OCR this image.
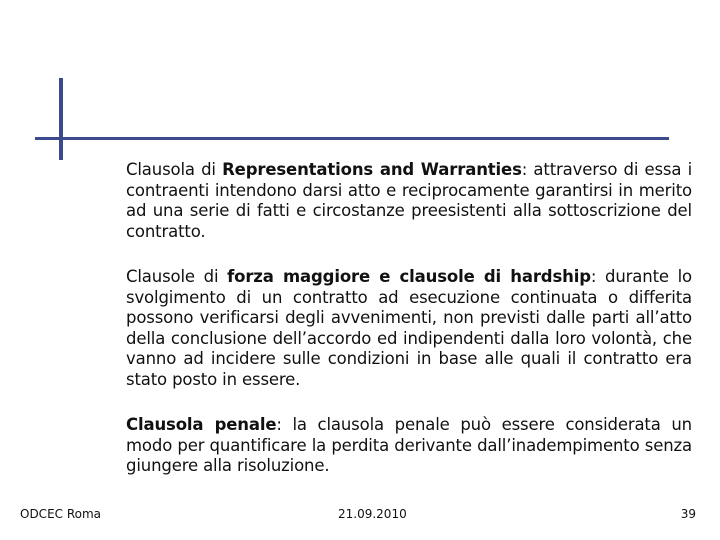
Clausola di Representations and Warranties: attraverso di essa i contraenti intendono darsi atto e reciprocamente garantirsi in merito ad una serie di fatti e circostanze preesistenti alla sottoscrizione del contratto.

Clausole di forza maggiore e clausole di hardship: durante lo svolgimento di un contratto ad esecuzione continuata o differita possono verificarsi degli avvenimenti, non previsti dalle parti all’atto della conclusione dell’accordo ed indipendenti dalla loro volontà, che vanno ad incidere sulle condizioni in base alle quali il contratto era stato posto in essere.

Clausola penale: la clausola penale può essere considerata un modo per quantificare la perdita derivante dall’inadempimento senza giungere alla risoluzione.

ODCEC Roma	21.09.2010	39
